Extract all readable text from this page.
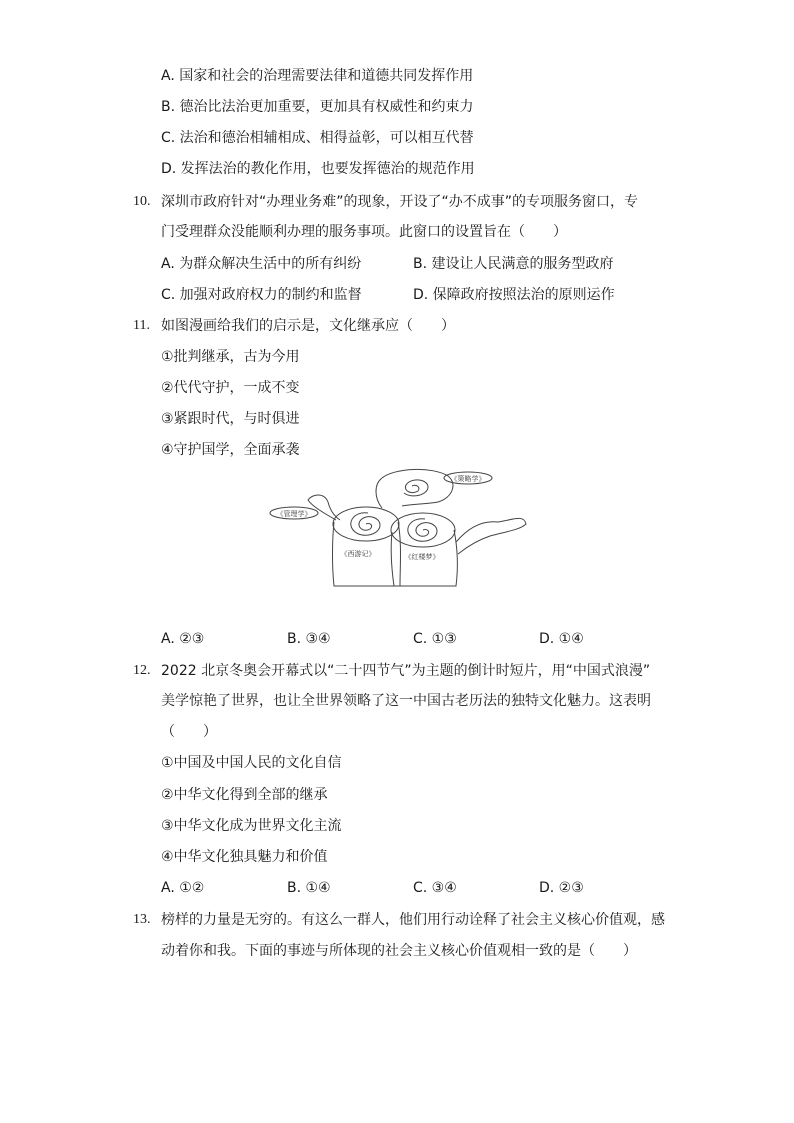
A. 国家和社会的治理需要法律和道德共同发挥作用
B. 德治比法治更加重要，更加具有权威性和约束力
C. 法治和德治相辅相成、相得益彰，可以相互代替
D. 发挥法治的教化作用，也要发挥德治的规范作用
10. 深圳市政府针对“办理业务难”的现象，开设了“办不成事”的专项服务窗口，专
门受理群众没能顺利办理的服务事项。此窗口的设置旨在（　　）
A. 为群众解决生活中的所有纠纷	B. 建设让人民满意的服务型政府
C. 加强对政府权力的制约和监督	D. 保障政府按照法治的原则运作
11. 如图漫画给我们的启示是，文化继承应（　　）
①批判继承，古为今用
②代代守护，一成不变
③紧跟时代，与时俱进
④守护国学，全面承袭
《策略学》
《管理学》
《西游记》	《红楼梦》
A. ②③	B. ③④	C. ①③	D. ①④
12. 2022 北京冬奥会开幕式以“二十四节气”为主题的倒计时短片，用“中国式浪漫”
美学惊艳了世界，也让全世界领略了这一中国古老历法的独特文化魅力。这表明
（　　）
①中国及中国人民的文化自信
②中华文化得到全部的继承
③中华文化成为世界文化主流
④中华文化独具魅力和价值
A. ①②	B. ①④	C. ③④	D. ②③
13. 榜样的力量是无穷的。有这么一群人，他们用行动诠释了社会主义核心价值观，感
动着你和我。下面的事迹与所体现的社会主义核心价值观相一致的是（　　）
